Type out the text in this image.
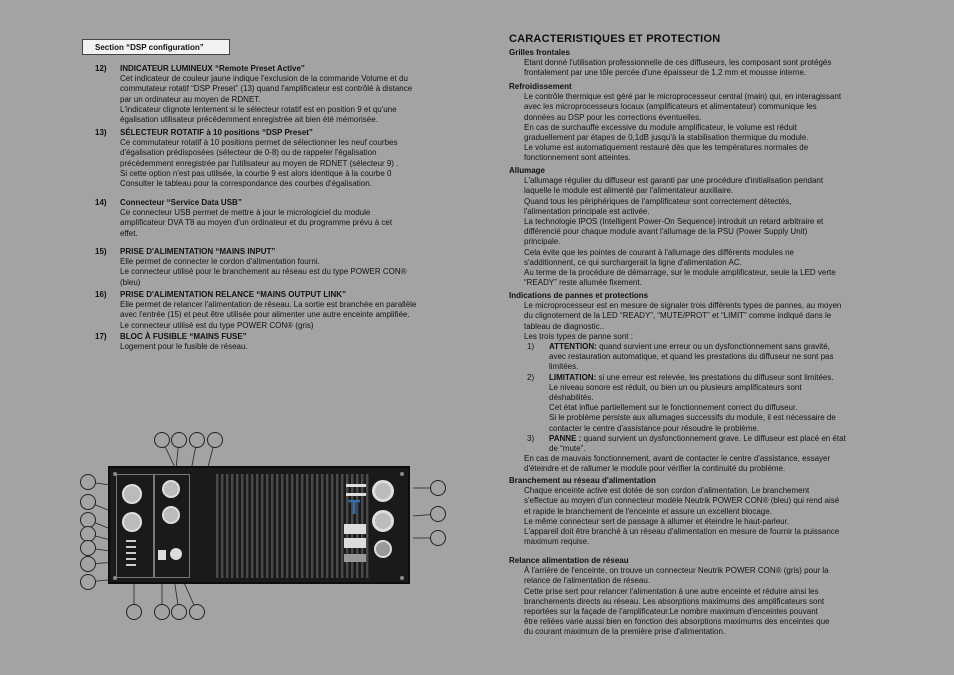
Section “DSP configuration”
12) INDICATEUR LUMINEUX “Remote Preset Active”
Cet indicateur de couleur jaune indique l'exclusion de la commande Volume et du
commutateur rotatif “DSP Preset” (13) quand l'amplificateur est contrôlé à distance
par un ordinateur au moyen de RDNET.
L'indicateur clignote lentement si le sélecteur rotatif est en position 9 et qu'une
égalisation utilisateur précédemment enregistrée ait bien été mémorisée.
13) SÉLECTEUR ROTATIF à 10 positions “DSP Preset”
Ce commutateur rotatif à 10 positions permet de sélectionner les neuf courbes
d'égalisation prédisposées (sélecteur de 0-8) ou de rappeler l'égalisation
précédemment enregistrée par l'utilisateur au moyen de RDNET (sélecteur 9) .
Si cette option n'est pas utilisée, la courbe 9 est alors identique à la courbe 0
Consulter le tableau pour la correspondance des courbes d'égalisation.
14) Connecteur “Service Data USB”
Ce connecteur USB permet de mettre à jour le micrologiciel du module
amplificateur DVA T8 au moyen d'un ordinateur et du programme prévu à cet
effet.
15) PRISE D'ALIMENTATION “MAINS INPUT”
Elle permet de connecter le cordon d'alimentation fourni.
Le connecteur utilisé pour le branchement au réseau est du type POWER CON®
(bleu)
16) PRISE D'ALIMENTATION RELANCE “MAINS OUTPUT LINK”
Elle permet de relancer l'alimentation de réseau. La sortie est branchée en parallèle
avec l'entrée (15) et peut être utilisée pour alimenter une autre enceinte amplifiée.
Le connecteur utilisé est du type POWER CON® (gris)
17) BLOC À FUSIBLE “MAINS FUSE”
Logement pour le fusible de réseau.
T
CARACTERISTIQUES ET PROTECTION
Grilles frontales
Etant donné l'utilisation professionnelle de ces diffuseurs, les composant sont protégés
frontalement par une tôle percée d'une épaisseur de 1,2 mm et mousse interne.
Refroidissement
Le contrôle thermique est géré par le microprocesseur central (main) qui, en interagissant
avec les microprocesseurs locaux (amplificateurs et alimentateur) communique les
données au DSP pour les corrections éventuelles.
En cas de surchauffe excessive du module amplificateur, le volume est réduit
graduellement par étapes de 0,1dB jusqu'à la stabilisation thermique du module.
Le volume est automatiquement restauré dès que les températures normales de
fonctionnement sont atteintes.
Allumage
L'allumage régulier du diffuseur est garanti par une procédure d'initialisation pendant
laquelle le module est alimenté par l'alimentateur auxiliaire.
Quand tous les périphériques de l'amplificateur sont correctement détectés,
l'alimentation principale est activée.
La technologie IPOS (Intelligent Power-On Sequence) introduit un retard arbitraire et
différencié pour chaque module avant l'allumage de la PSU (Power Supply Unit)
principale.
Cela évite que les pointes de courant à l'allumage des différents modules ne
s'additionnent, ce qui surchargerait la ligne d'alimentation AC.
Au terme de la procédure de démarrage, sur le module amplificateur, seule la LED verte
“READY” reste allumée fixement.
Indications de pannes et protections
Le microprocesseur est en mesure de signaler trois différents types de pannes, au moyen
du clignotement de la LED “READY”, “MUTE/PROT” et “LIMIT” comme indiqué dans le
tableau de diagnostic..
Les trois types de panne sont :
1) ATTENTION: quand survient une erreur ou un dysfonctionnement sans gravité,
avec restauration automatique, et quand les prestations du diffuseur ne sont pas
limitées.
2) LIMITATION: si une erreur est relevée, les prestations du diffuseur sont limitées.
Le niveau sonore est réduit, ou bien un ou plusieurs amplificateurs sont
déshabilités.
Cet état influe partiellement sur le fonctionnement correct du diffuseur.
Si le problème persiste aux allumages successifs du module, il est nécessaire de
contacter le centre d'assistance pour résoudre le problème.
3) PANNE : quand survient un dysfonctionnement grave. Le diffuseur est placé en état
de “mute”.
En cas de mauvais fonctionnement, avant de contacter le centre d'assistance, essayer
d'éteindre et de rallumer le module pour vérifier la continuité du problème.
Branchement au réseau d'alimentation
Chaque enceinte active est dotée de son cordon d'alimentation. Le branchement
s'effectue au moyen d'un connecteur modèle Neutrik POWER CON® (bleu) qui rend aisé
et rapide le branchement de l'enceinte et assure un excellent blocage.
Le même connecteur sert de passage à allumer et éteindre le haut-parleur.
L'appareil doit être branché à un réseau d'alimentation en mesure de fournir la puissance
maximum requise.
Relance alimentation de réseau
À l'arrière de l'enceinte, on trouve un connecteur Neutrik POWER CON® (gris) pour la
relance de l'alimentation de réseau.
Cette prise sert pour relancer l'alimentation à une autre enceinte et réduire ainsi les
branchements directs au réseau. Les absorptions maximums des amplificateurs sont
reportées sur la façade de l'amplificateur.Le nombre maximum d'enceintes pouvant
être reliées varie aussi bien en fonction des absorptions maximums des enceintes que
du courant maximum de la première prise d'alimentation.
